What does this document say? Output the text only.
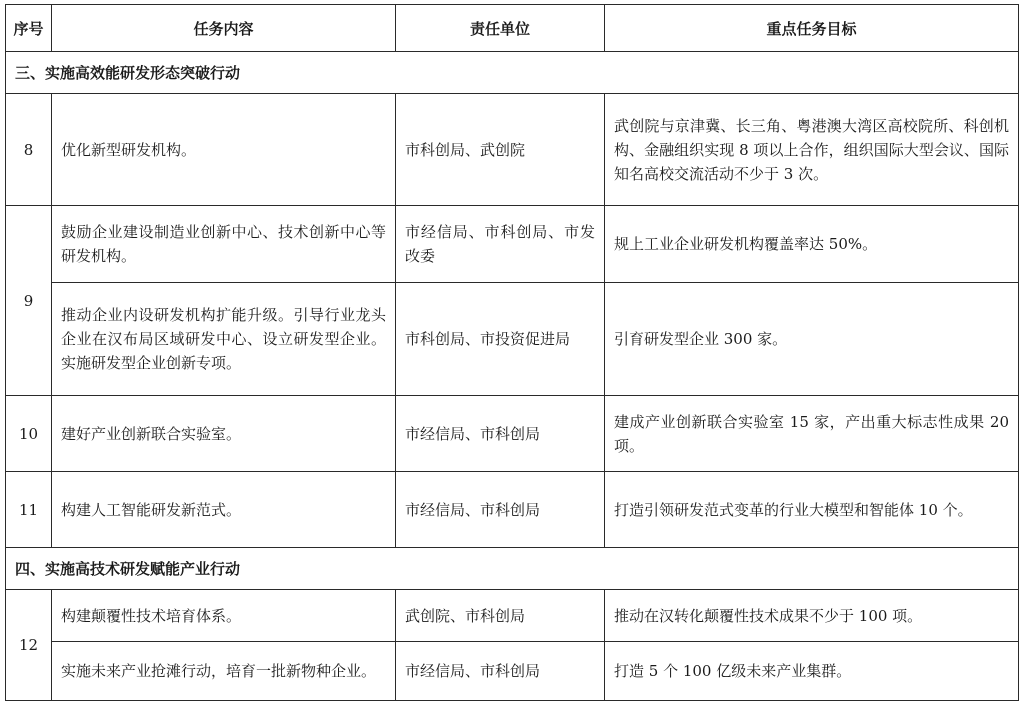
序号	任务内容	责任单位	重点任务目标
三、实施高效能研发形态突破行动			
8	优化新型研发机构。	市科创局、武创院	武创院与京津冀、长三角、粤港澳大湾区高校院所、科创机构、金融组织实现 8 项以上合作，组织国际大型会议、国际知名高校交流活动不少于 3 次。
9	鼓励企业建设制造业创新中心、技术创新中心等研发机构。	市经信局、市科创局、市发改委	规上工业企业研发机构覆盖率达 50%。
	推动企业内设研发机构扩能升级。引导行业龙头企业在汉布局区域研发中心、设立研发型企业。实施研发型企业创新专项。	市科创局、市投资促进局	引育研发型企业 300 家。
10	建好产业创新联合实验室。	市经信局、市科创局	建成产业创新联合实验室 15 家，产出重大标志性成果 20 项。
11	构建人工智能研发新范式。	市经信局、市科创局	打造引领研发范式变革的行业大模型和智能体 10 个。
四、实施高技术研发赋能产业行动			
12	构建颠覆性技术培育体系。	武创院、市科创局	推动在汉转化颠覆性技术成果不少于 100 项。
	实施未来产业抢滩行动，培育一批新物种企业。	市经信局、市科创局	打造 5 个 100 亿级未来产业集群。
